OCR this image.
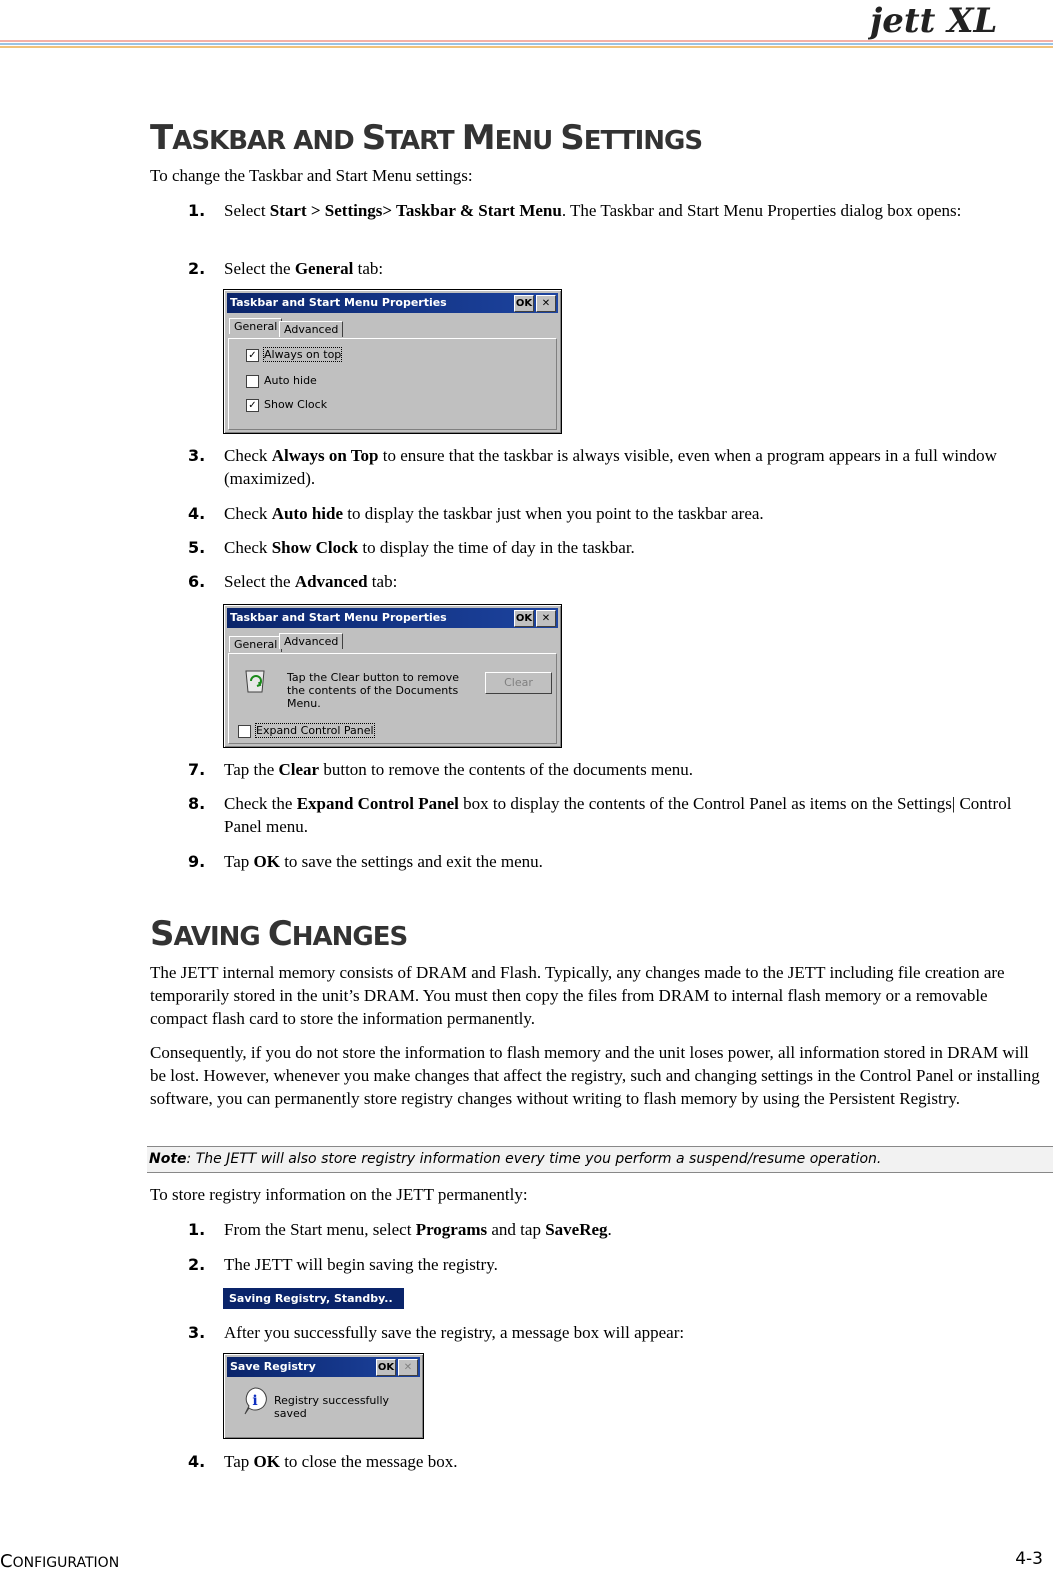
jett XL
TASKBAR AND START MENU SETTINGS

To change the Taskbar and Start Menu settings:

1. Select Start > Settings> Taskbar & Start Menu. The Taskbar and Start Menu Properties dialog box opens:
2. Select the General tab:
Taskbar and Start Menu Properties	OK ✕
General Advanced
✓ Always on top
Auto hide
✓ Show Clock
3. Check Always on Top to ensure that the taskbar is always visible, even when a program appears in a full window (maximized).
4. Check Auto hide to display the taskbar just when you point to the taskbar area.
5. Check Show Clock to display the time of day in the taskbar.
6. Select the Advanced tab:
Taskbar and Start Menu Properties	OK ✕
General Advanced
Tap the Clear button to remove
the contents of the Documents
Menu.
Clear
Expand Control Panel
7. Tap the Clear button to remove the contents of the documents menu.
8. Check the Expand Control Panel box to display the contents of the Control Panel as items on the Settings| Control Panel menu.
9. Tap OK to save the settings and exit the menu.
SAVING CHANGES

The JETT internal memory consists of DRAM and Flash. Typically, any changes made to the JETT including file creation are temporarily stored in the unit’s DRAM. You must then copy the files from DRAM to internal flash memory or a removable compact flash card to store the information permanently.

Consequently, if you do not store the information to flash memory and the unit loses power, all information stored in DRAM will be lost. However, whenever you make changes that affect the registry, such and changing settings in the Control Panel or installing software, you can permanently store registry changes without writing to flash memory by using the Persistent Registry.

Note: The JETT will also store registry information every time you perform a suspend/resume operation.

To store registry information on the JETT permanently:

1. From the Start menu, select Programs and tap SaveReg.
2. The JETT will begin saving the registry.
Saving Registry, Standby..
3. After you successfully save the registry, a message box will appear:
Save Registry	OK ✕
i Registry successfully saved
4. Tap OK to close the message box.
CONFIGURATION	4-3
